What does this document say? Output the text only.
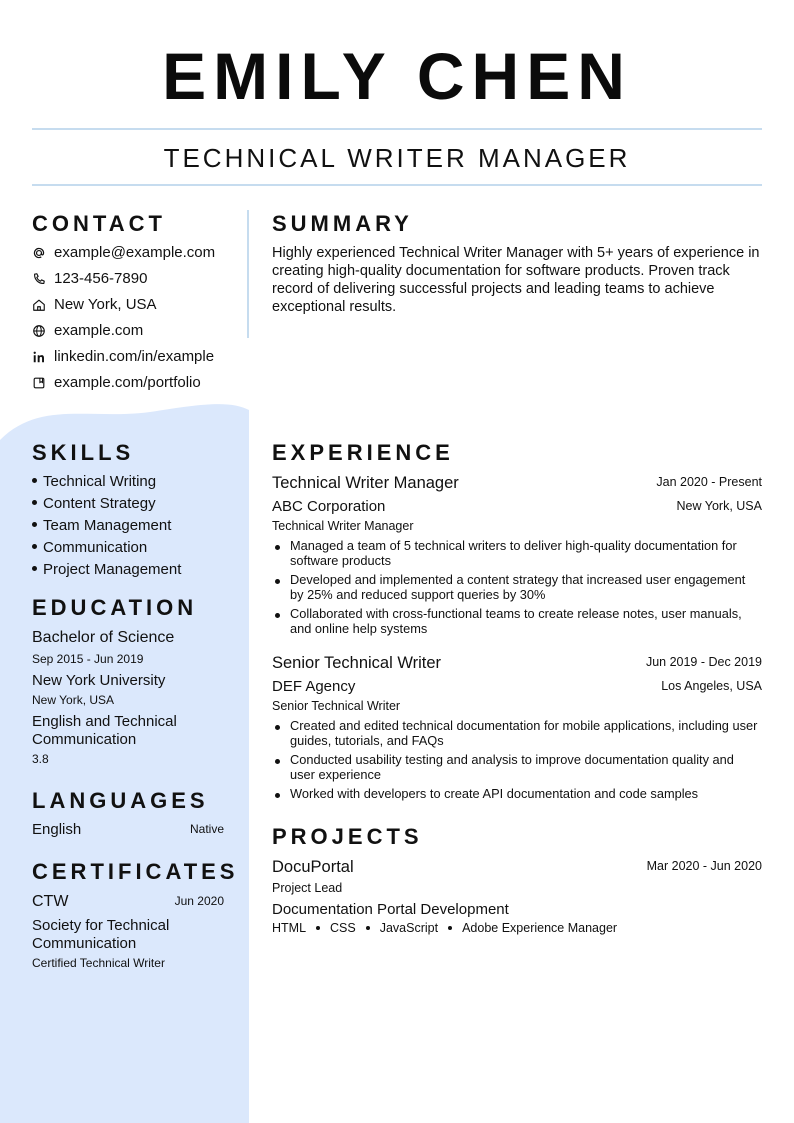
EMILY CHEN
TECHNICAL WRITER MANAGER
CONTACT
example@example.com
123-456-7890
New York, USA
example.com
linkedin.com/in/example
example.com/portfolio
SUMMARY
Highly experienced Technical Writer Manager with 5+ years of experience in creating high-quality documentation for software products. Proven track record of delivering successful projects and leading teams to achieve exceptional results.
SKILLS
Technical Writing
Content Strategy
Team Management
Communication
Project Management
EDUCATION
Bachelor of Science
Sep 2015 - Jun 2019
New York University
New York, USA
English and Technical Communication
3.8
LANGUAGES
English	Native
CERTIFICATES
CTW	Jun 2020
Society for Technical Communication
Certified Technical Writer
EXPERIENCE
Technical Writer Manager	Jan 2020 - Present
ABC Corporation	New York, USA
Technical Writer Manager
Managed a team of 5 technical writers to deliver high-quality documentation for software products
Developed and implemented a content strategy that increased user engagement by 25% and reduced support queries by 30%
Collaborated with cross-functional teams to create release notes, user manuals, and online help systems
Senior Technical Writer	Jun 2019 - Dec 2019
DEF Agency	Los Angeles, USA
Senior Technical Writer
Created and edited technical documentation for mobile applications, including user guides, tutorials, and FAQs
Conducted usability testing and analysis to improve documentation quality and user experience
Worked with developers to create API documentation and code samples
PROJECTS
DocuPortal	Mar 2020 - Jun 2020
Project Lead
Documentation Portal Development
HTML CSS JavaScript Adobe Experience Manager
